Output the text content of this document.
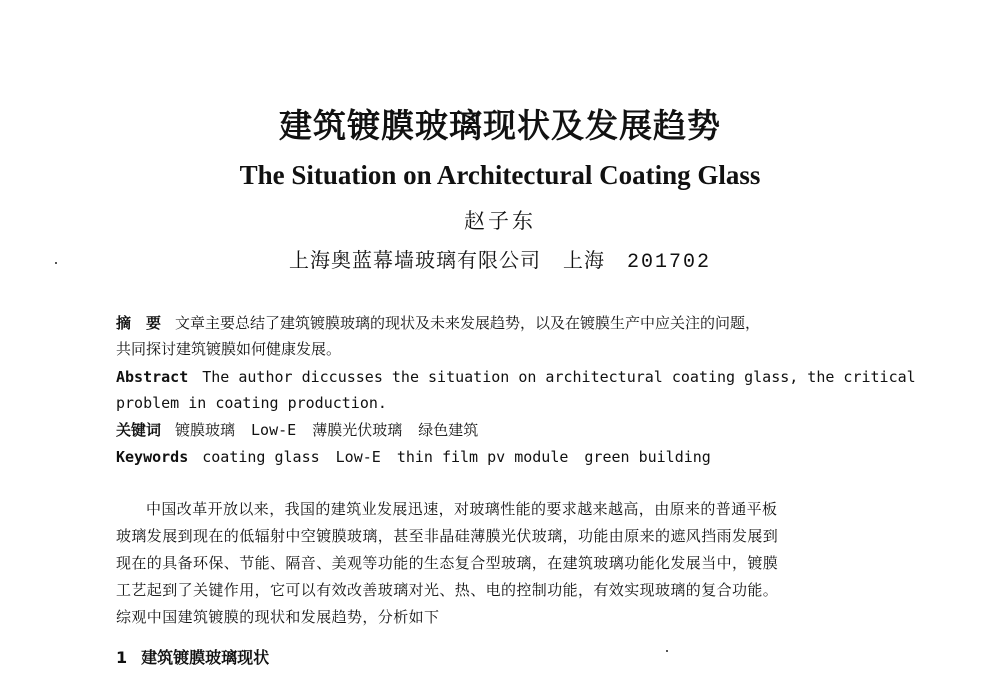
建筑镀膜玻璃现状及发展趋势
The Situation on Architectural Coating Glass
赵子东
上海奥蓝幕墙玻璃有限公司 上海 201702
摘　要 文章主要总结了建筑镀膜玻璃的现状及未来发展趋势，以及在镀膜生产中应关注的问题，
共同探讨建筑镀膜如何健康发展。
Abstract The author diccusses the situation on architectural coating glass, the critical
problem in coating production.
关键词 镀膜玻璃 Low-E 薄膜光伏玻璃 绿色建筑
Keywords coating glass Low-E thin film pv module green building
中国改革开放以来，我国的建筑业发展迅速，对玻璃性能的要求越来越高，由原来的普通平板
玻璃发展到现在的低辐射中空镀膜玻璃，甚至非晶硅薄膜光伏玻璃，功能由原来的遮风挡雨发展到
现在的具备环保、节能、隔音、美观等功能的生态复合型玻璃，在建筑玻璃功能化发展当中，镀膜
工艺起到了关键作用，它可以有效改善玻璃对光、热、电的控制功能，有效实现玻璃的复合功能。
综观中国建筑镀膜的现状和发展趋势，分析如下
1 建筑镀膜玻璃现状
